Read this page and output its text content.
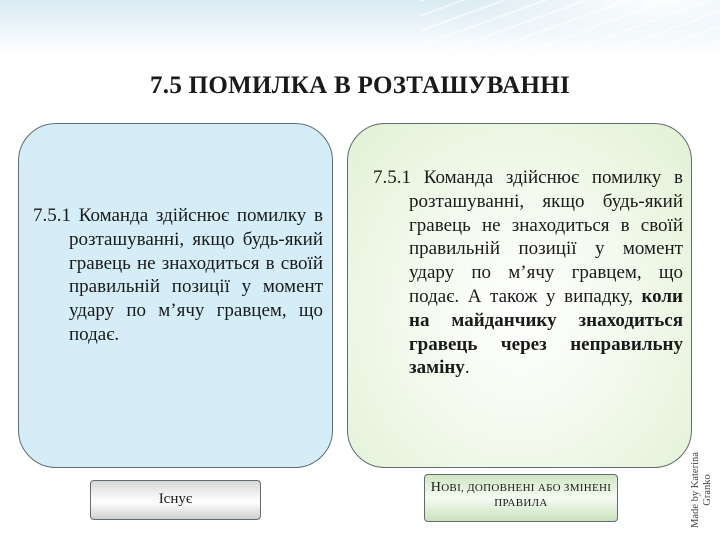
7.5 ПОМИЛКА В РОЗТАШУВАННІ

7.5.1 Команда здійснює помилку в розташуванні, якщо будь-який гравець не знаходиться в своїй правильній позиції у момент удару по м’ячу гравцем, що подає.

7.5.1 Команда здійснює помилку в розташуванні, якщо будь-який гравець не знаходиться в своїй правильній позиції у момент удару по м’ячу гравцем, що подає. А також у випадку, коли на майданчику знаходиться гравець через неправильну заміну.

Існує
НОВІ, ДОПОВНЕНІ АБО ЗМІНЕНІ ПРАВИЛА	Made by Katerina Granko
